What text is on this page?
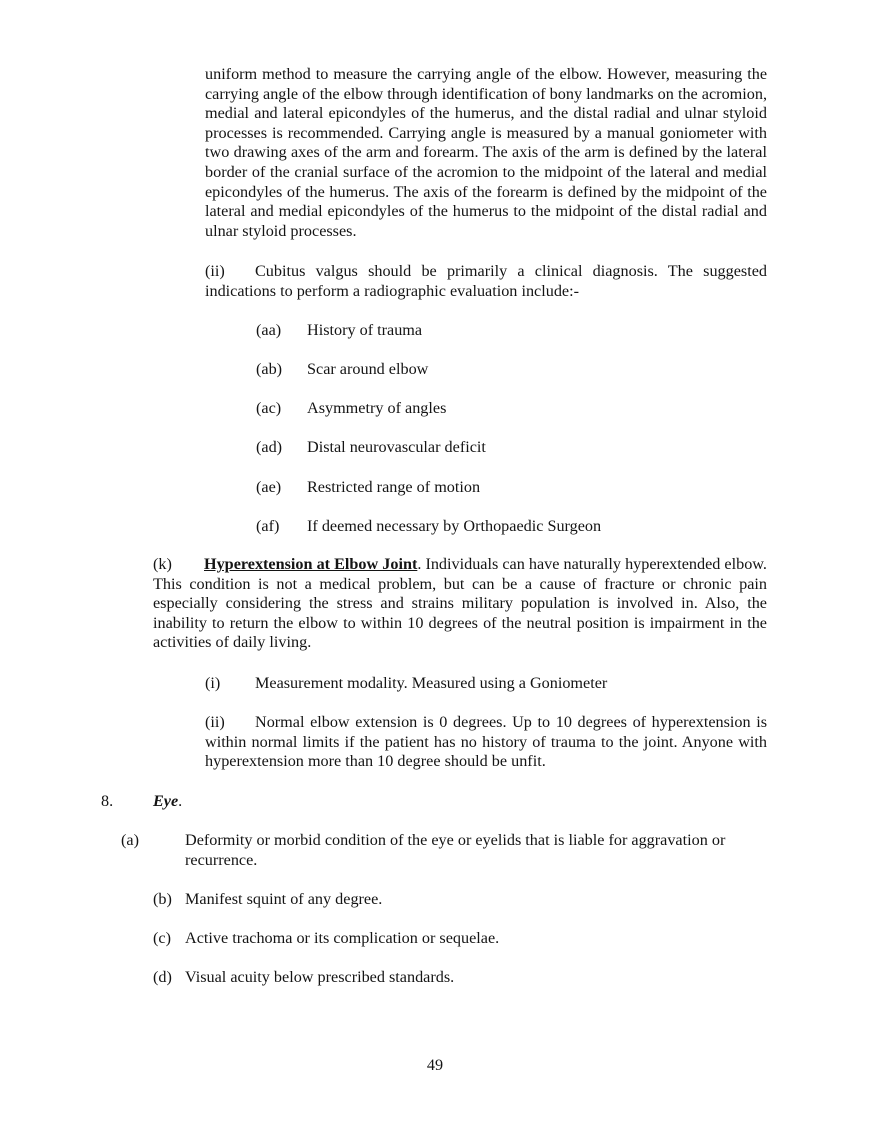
uniform method to measure the carrying angle of the elbow. However, measuring the carrying angle of the elbow through identification of bony landmarks on the acromion, medial and lateral epicondyles of the humerus, and the distal radial and ulnar styloid processes is recommended. Carrying angle is measured by a manual goniometer with two drawing axes of the arm and forearm. The axis of the arm is defined by the lateral border of the cranial surface of the acromion to the midpoint of the lateral and medial epicondyles of the humerus. The axis of the forearm is defined by the midpoint of the lateral and medial epicondyles of the humerus to the midpoint of the distal radial and ulnar styloid processes.

(ii) Cubitus valgus should be primarily a clinical diagnosis. The suggested indications to perform a radiographic evaluation include:-

(aa) History of trauma
(ab) Scar around elbow
(ac) Asymmetry of angles
(ad) Distal neurovascular deficit
(ae) Restricted range of motion
(af) If deemed necessary by Orthopaedic Surgeon

(k) Hyperextension at Elbow Joint. Individuals can have naturally hyperextended elbow. This condition is not a medical problem, but can be a cause of fracture or chronic pain especially considering the stress and strains military population is involved in. Also, the inability to return the elbow to within 10 degrees of the neutral position is impairment in the activities of daily living.

(i) Measurement modality. Measured using a Goniometer

(ii) Normal elbow extension is 0 degrees. Up to 10 degrees of hyperextension is within normal limits if the patient has no history of trauma to the joint. Anyone with hyperextension more than 10 degree should be unfit.

8. Eye.
(a)	Deformity or morbid condition of the eye or eyelids that is liable for aggravation or recurrence.
(b) Manifest squint of any degree.
(c) Active trachoma or its complication or sequelae.
(d) Visual acuity below prescribed standards.
49
